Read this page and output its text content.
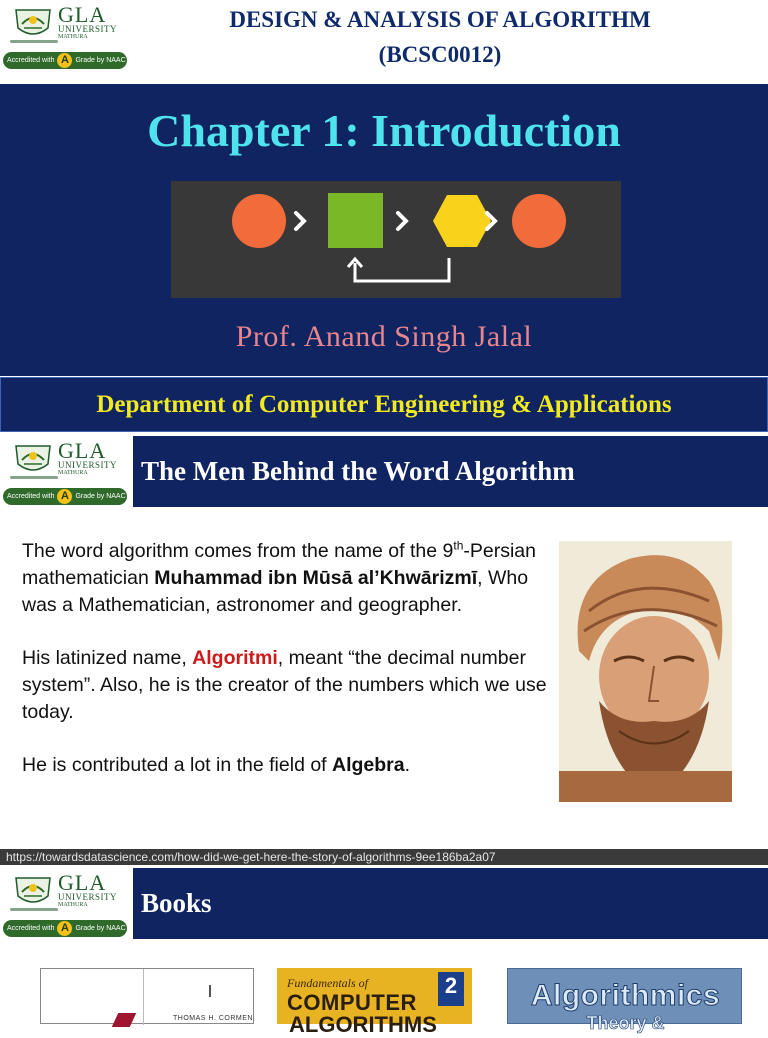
GLA
UNIVERSITY
MATHURA
Accredited with A Grade by NAAC
DESIGN & ANALYSIS OF ALGORITHM
(BCSC0012)
Chapter 1: Introduction
Prof. Anand Singh Jalal
Department of Computer Engineering & Applications
GLA
UNIVERSITY
MATHURA
Accredited with A Grade by NAAC
The Men Behind the Word Algorithm

The word algorithm comes from the name of the 9th-Persian mathematician Muhammad ibn Mūsā al’Khwārizmī, Who was a Mathematician, astronomer and geographer.

His latinized name, Algoritmi, meant “the decimal number system”. Also, he is the creator of the numbers which we use today.

He is contributed a lot in the field of Algebra.

https://towardsdatascience.com/how-did-we-get-here-the-story-of-algorithms-9ee186ba2a07
GLA
UNIVERSITY
MATHURA
Accredited with A Grade by NAAC
Books
THOMAS H. CORMEN
Fundamentals of
COMPUTER
ALGORITHMS
2	Algorithmics
Theory &
